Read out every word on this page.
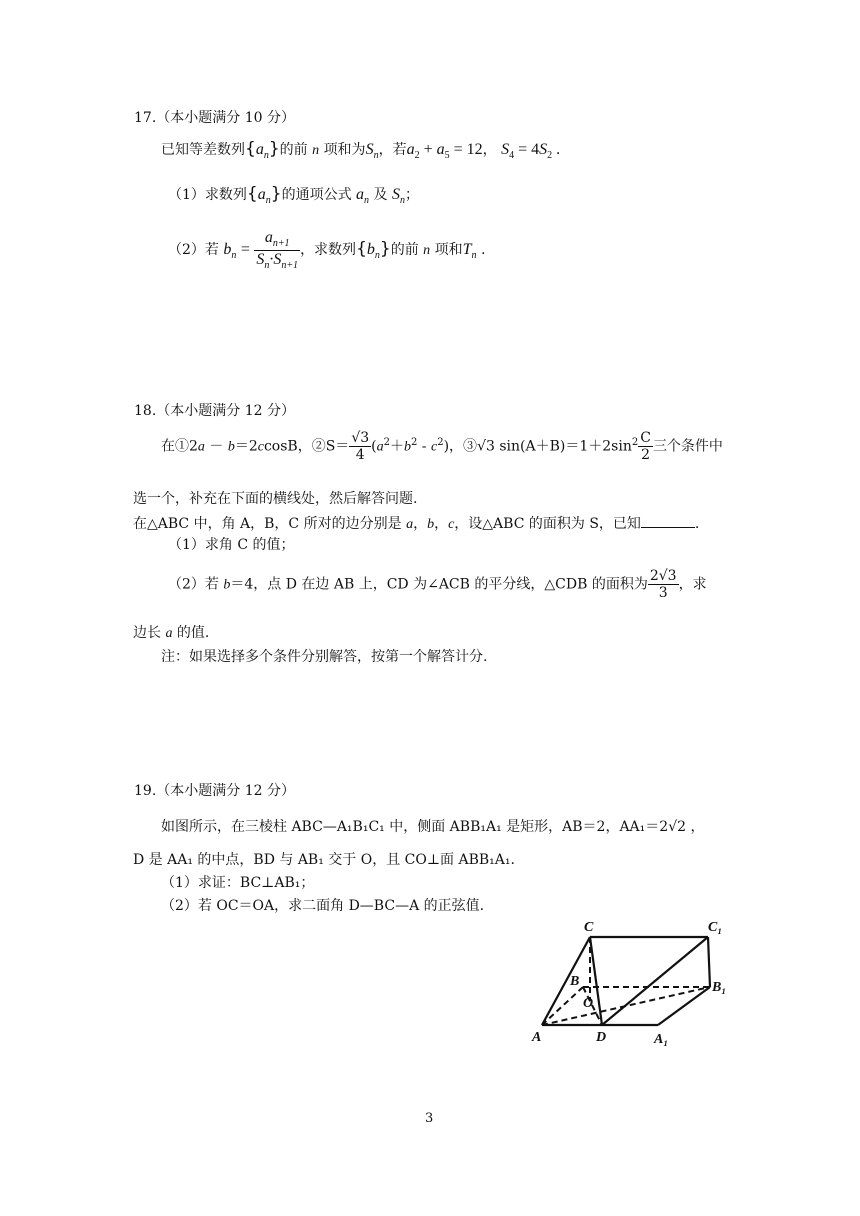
17.（本小题满分 10 分）
已知等差数列$\{a_n\}$的前 n 项和为$S_n$，若$a_2 + a_5 = 12$， $S_4 = 4S_2$ .
（1）求数列$\{a_n\}$的通项公式 $a_n$ 及 $S_n$；
（2）若 $b_n = \frac{a_{n+1}}{S_n\cdot S_{n+1}}$ ，求数列$\{b_n\}$的前 n 项和$T_n$ .
18.（本小题满分 12 分）
在①2a － b＝2ccosB，②S＝ $\frac{√3}{4} (a^2+b^2 - c^2)$，③√3 $\sin(A+B)=1+2\sin^2 \frac{C}{2}$ 三个条件中
选一个，补充在下面的横线处，然后解答问题.
在△ABC 中，角 A，B，C 所对的边分别是 a，b，c，设△ABC 的面积为 S，已知	.
（1）求角 C 的值；
（2）若 b＝4，点 D 在边 AB 上，CD 为∠ACB 的平分线，△CDB 的面积为 $\frac{2√3}{3}$ ，求
边长 a 的值.
注：如果选择多个条件分别解答，按第一个解答计分.
19.（本小题满分 12 分）
如图所示，在三棱柱 ABC—A₁B₁C₁ 中，侧面 ABB₁A₁ 是矩形，AB＝2，AA₁＝2√2 ，
D 是 AA₁ 的中点，BD 与 AB₁ 交于 O，且 CO⊥面 ABB₁A₁.
（1）求证：BC⊥AB₁；
（2）若 OC＝OA，求二面角 D—BC—A 的正弦值.
C	C₁
B	B₁
O
A	D	A₁
3
